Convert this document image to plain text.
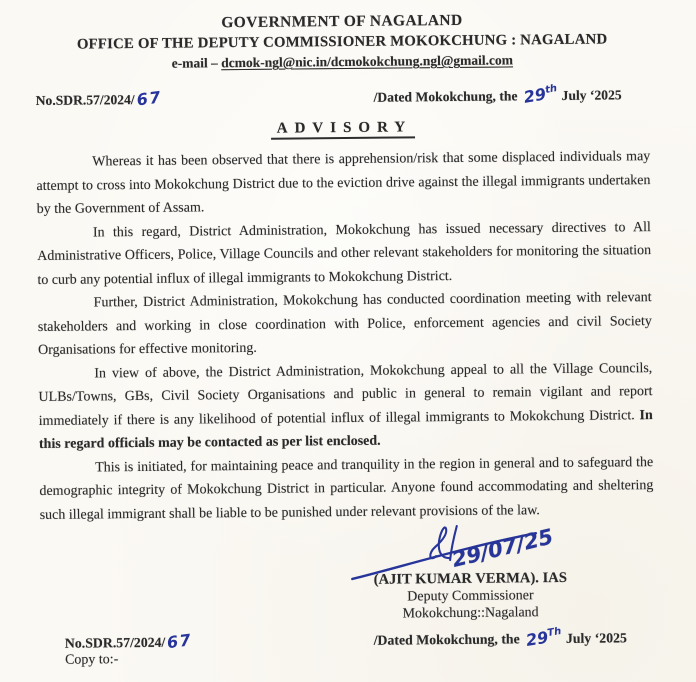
GOVERNMENT OF NAGALAND
OFFICE OF THE DEPUTY COMMISSIONER MOKOKCHUNG : NAGALAND
e-mail – dcmok-ngl@nic.in/dcmokokchung.ngl@gmail.com
No.SDR.57/2024/67	/Dated Mokokchung, the 29th July ‘2025
ADVISORY

Whereas it has been observed that there is apprehension/risk that some displaced individuals may attempt to cross into Mokokchung District due to the eviction drive against the illegal immigrants undertaken by the Government of Assam.

In this regard, District Administration, Mokokchung has issued necessary directives to All Administrative Officers, Police, Village Councils and other relevant stakeholders for monitoring the situation to curb any potential influx of illegal immigrants to Mokokchung District.

Further, District Administration, Mokokchung has conducted coordination meeting with relevant stakeholders and working in close coordination with Police, enforcement agencies and civil Society Organisations for effective monitoring.

In view of above, the District Administration, Mokokchung appeal to all the Village Councils, ULBs/Towns, GBs, Civil Society Organisations and public in general to remain vigilant and report immediately if there is any likelihood of potential influx of illegal immigrants to Mokokchung District. In this regard officials may be contacted as per list enclosed.

This is initiated, for maintaining peace and tranquility in the region in general and to safeguard the demographic integrity of Mokokchung District in particular. Anyone found accommodating and sheltering such illegal immigrant shall be liable to be punished under relevant provisions of the law.

29/07/25
(AJIT KUMAR VERMA). IAS
Deputy Commissioner
Mokokchung::Nagaland
No.SDR.57/2024/67	/Dated Mokokchung, the 29Th July ‘2025
Copy to:-
